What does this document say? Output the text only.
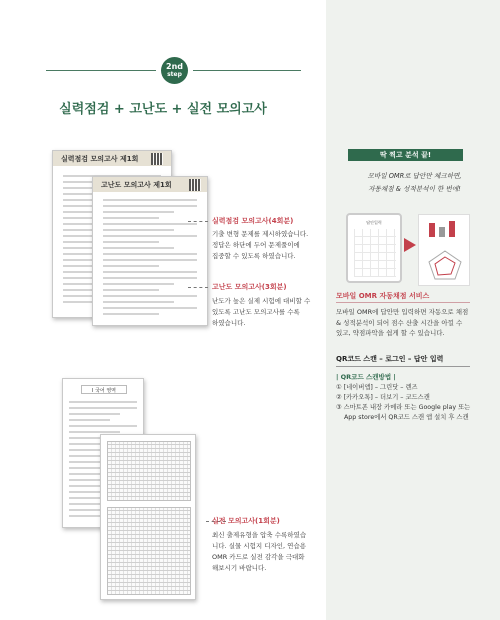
2nd
step
실력점검 + 고난도 + 실전 모의고사
실력점검 모의고사 제1회
고난도 모의고사 제1회
실력점검 모의고사(4회분)
기출 변형 문제를 제시하였습니다.
정답은 하단에 두어 문제풀이에
집중할 수 있도록 하였습니다.
고난도 모의고사(3회분)
난도가 높은 실제 시험에 대비할 수
있도록 고난도 모의고사를 수록
하였습니다.
Ⅰ 국어 영역
실전 모의고사(1회분)
최신 출제유형을 압축 수록하였습
니다. 실물 시험지 디자인, 연습용
OMR 카드로 실전 감각을 극대화
해보시기 바랍니다.
딱 찍고 분석 끝!
모바일 OMR로 답안만 체크하면,
자동채점 & 성적분석이 한 번에!
답안입력
모바일 OMR 자동채점 서비스
모바일 OMR에 답안만 입력하면 자동으로 채점 & 성적분석이 되어 점수 산출 시간을 아낄 수 있고, 약점파악을 쉽게 할 수 있습니다.
QR코드 스캔 – 로그인 – 답안 입력
| QR코드 스캔방법 |
① [네이버앱] – 그린닷 – 렌즈
② [카카오톡] – 더보기 – 코드스캔
③ 스마트폰 내장 카메라 또는 Google play 또는 App store에서 QR코드 스캔 앱 설치 후 스캔
